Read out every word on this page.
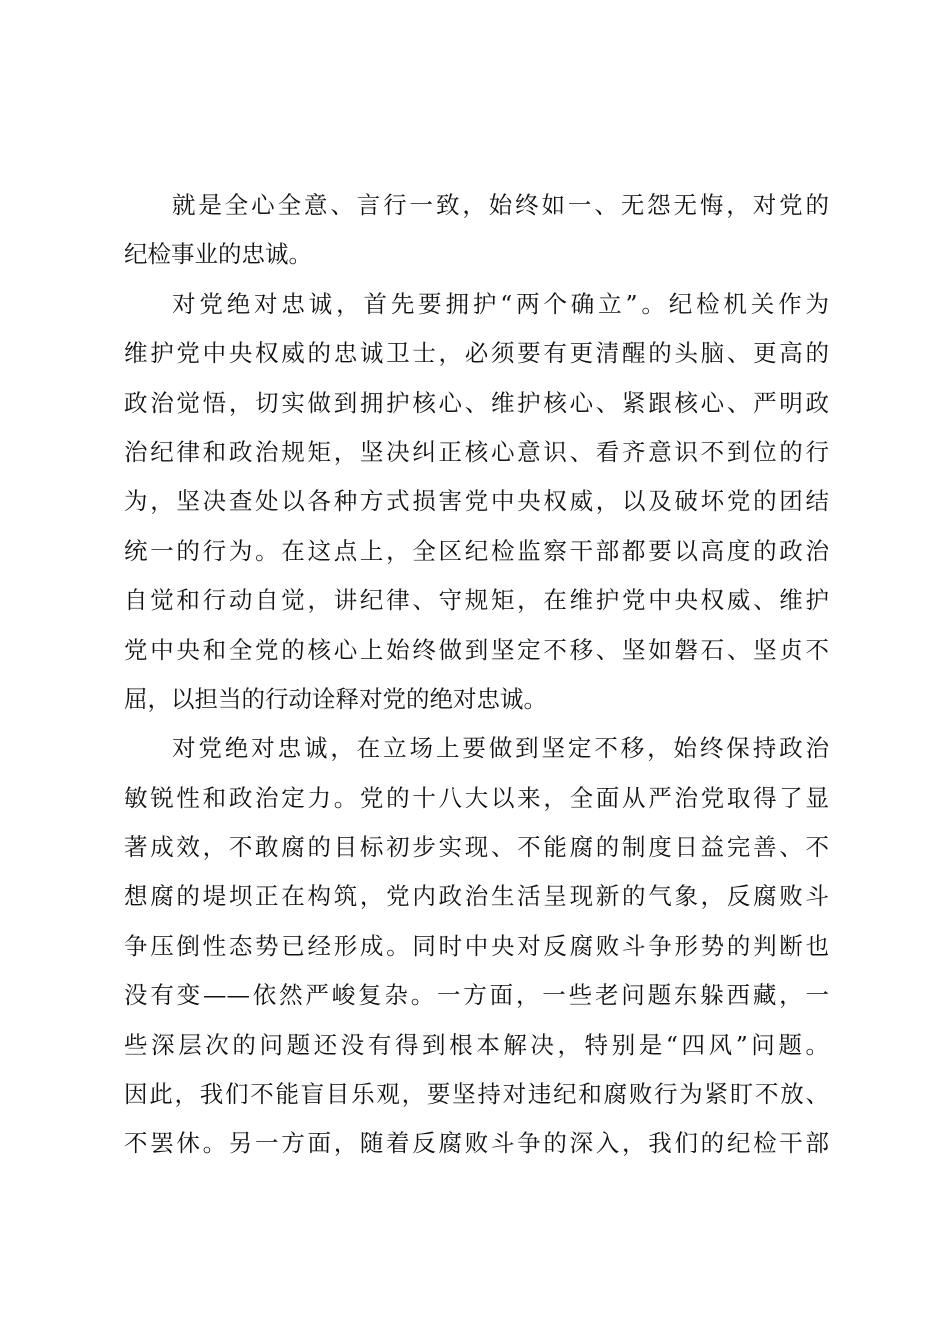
就是全心全意、言行一致，始终如一、无怨无悔，对党的
纪检事业的忠诚。
对党绝对忠诚，首先要拥护“两个确立”。纪检机关作为
维护党中央权威的忠诚卫士，必须要有更清醒的头脑、更高的
政治觉悟，切实做到拥护核心、维护核心、紧跟核心、严明政
治纪律和政治规矩，坚决纠正核心意识、看齐意识不到位的行
为，坚决查处以各种方式损害党中央权威，以及破坏党的团结
统一的行为。在这点上，全区纪检监察干部都要以高度的政治
自觉和行动自觉，讲纪律、守规矩，在维护党中央权威、维护
党中央和全党的核心上始终做到坚定不移、坚如磐石、坚贞不
屈，以担当的行动诠释对党的绝对忠诚。
对党绝对忠诚，在立场上要做到坚定不移，始终保持政治
敏锐性和政治定力。党的十八大以来，全面从严治党取得了显
著成效，不敢腐的目标初步实现、不能腐的制度日益完善、不
想腐的堤坝正在构筑，党内政治生活呈现新的气象，反腐败斗
争压倒性态势已经形成。同时中央对反腐败斗争形势的判断也
没有变——依然严峻复杂。一方面，一些老问题东躲西藏，一
些深层次的问题还没有得到根本解决，特别是“四风”问题。
因此，我们不能盲目乐观，要坚持对违纪和腐败行为紧盯不放、
不罢休。另一方面，随着反腐败斗争的深入，我们的纪检干部
